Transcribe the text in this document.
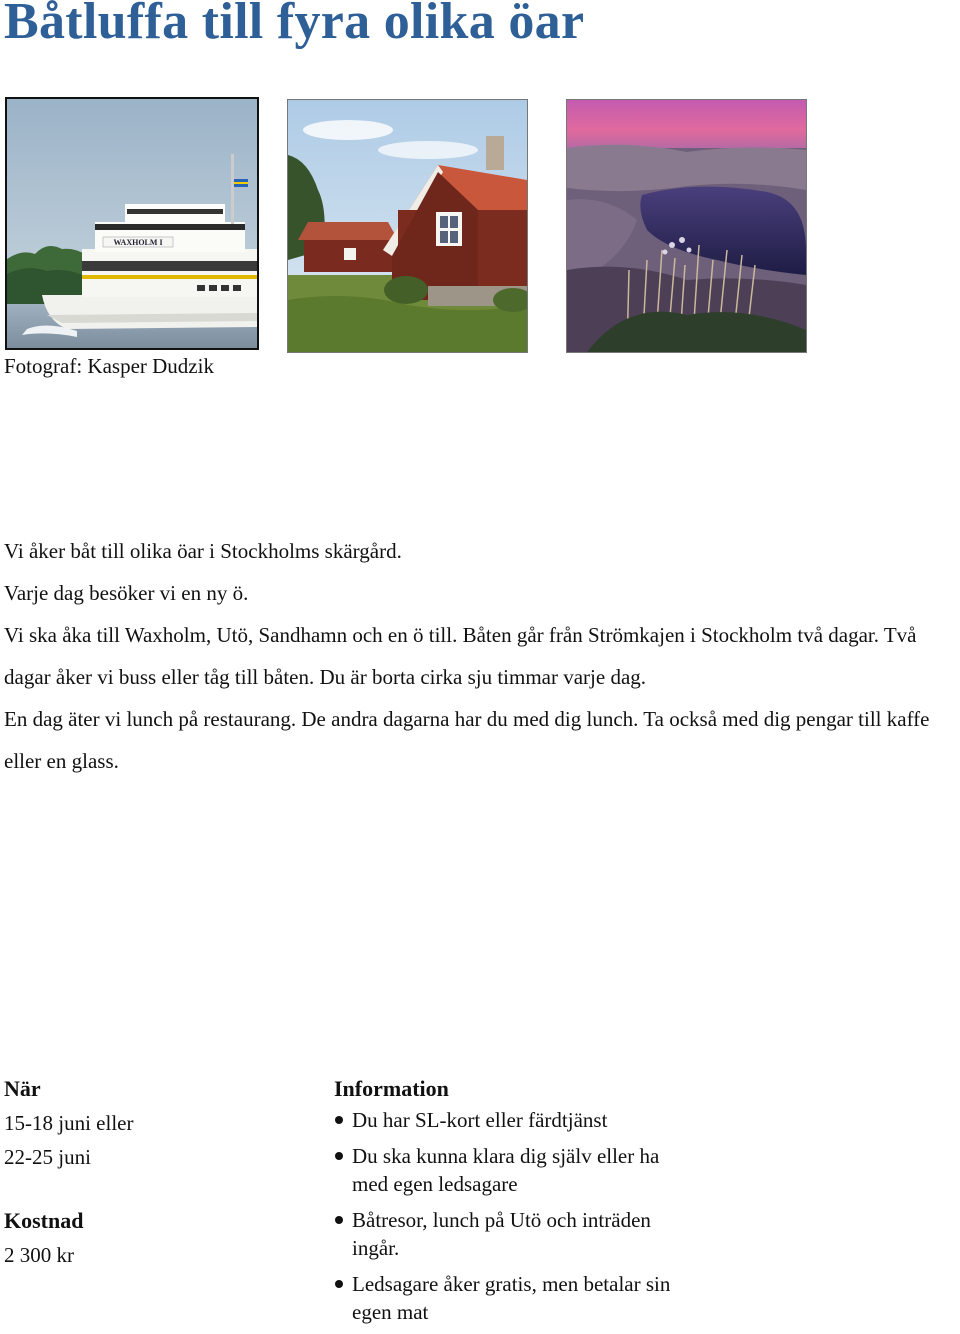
Båtluffa till fyra olika öar
WAXHOLM I
Fotograf: Kasper Dudzik

Vi åker båt till olika öar i Stockholms skärgård.

Varje dag besöker vi en ny ö.

Vi ska åka till Waxholm, Utö, Sandhamn och en ö till. Båten går från Strömkajen i Stockholm två dagar. Två dagar åker vi buss eller tåg till båten. Du är borta cirka sju timmar varje dag.

En dag äter vi lunch på restaurang. De andra dagarna har du med dig lunch. Ta också med dig pengar till kaffe eller en glass.

När
15-18 juni eller
22-25 juni
Kostnad
2 300 kr
Information
Du har SL-kort eller färdtjänst
Du ska kunna klara dig själv eller ha med egen ledsagare
Båtresor, lunch på Utö och inträden ingår.
Ledsagare åker gratis, men betalar sin egen mat
